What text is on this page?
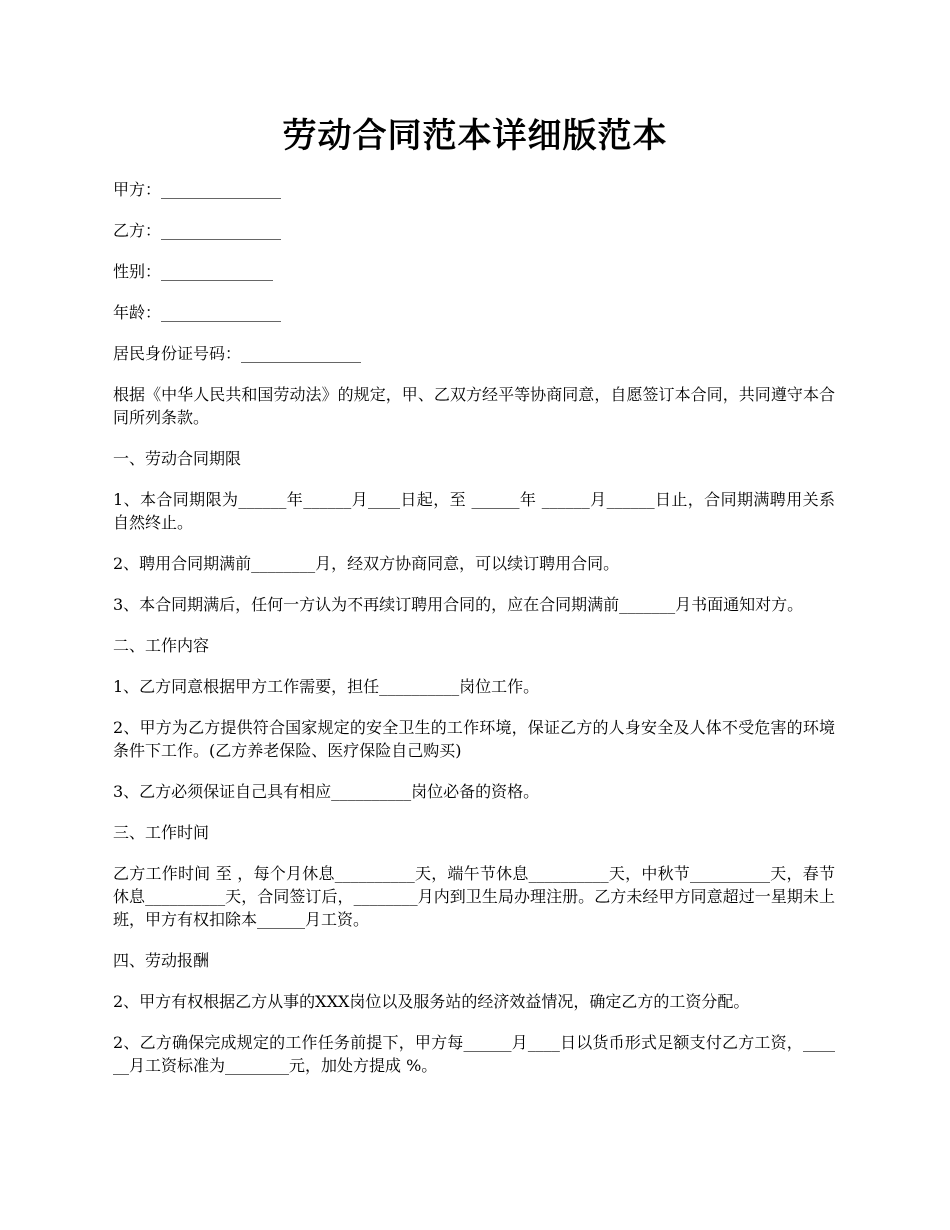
劳动合同范本详细版范本

甲方：_______________

乙方：_______________

性别：______________

年龄：_______________

居民身份证号码：_______________

根据《中华人民共和国劳动法》的规定，甲、乙双方经平等协商同意，自愿签订本合同，共同遵守本合同所列条款。

一、劳动合同期限

1、本合同期限为______年______月____日起，至 ______年 ______月______日止，合同期满聘用关系自然终止。

2、聘用合同期满前________月，经双方协商同意，可以续订聘用合同。

3、本合同期满后，任何一方认为不再续订聘用合同的，应在合同期满前_______月书面通知对方。

二、工作内容

1、乙方同意根据甲方工作需要，担任__________岗位工作。

2、甲方为乙方提供符合国家规定的安全卫生的工作环境，保证乙方的人身安全及人体不受危害的环境条件下工作。(乙方养老保险、医疗保险自己购买)

3、乙方必须保证自己具有相应__________岗位必备的资格。

三、工作时间

乙方工作时间 至 ，每个月休息__________天，端午节休息__________天，中秋节__________天，春节休息__________天，合同签订后，________月内到卫生局办理注册。乙方未经甲方同意超过一星期未上班，甲方有权扣除本______月工资。

四、劳动报酬

2、甲方有权根据乙方从事的XXX岗位以及服务站的经济效益情况，确定乙方的工资分配。

2、乙方确保完成规定的工作任务前提下，甲方每______月____日以货币形式足额支付乙方工资，______月工资标准为________元，加处方提成 %。
